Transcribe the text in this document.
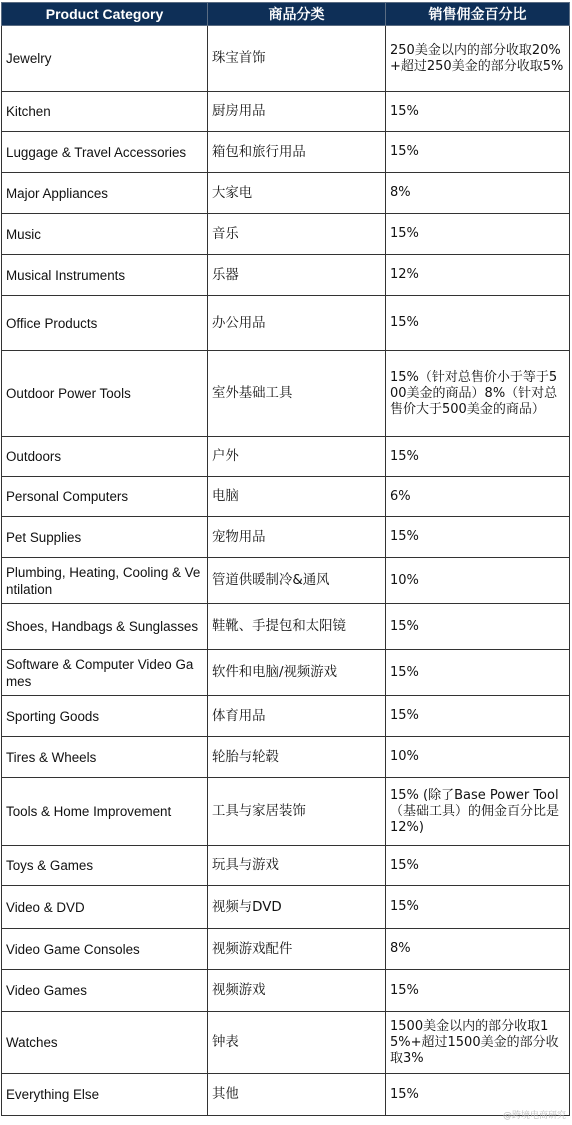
Product Category	商品分类	销售佣金百分比
Jewelry	珠宝首饰	250美金以内的部分收取20%+超过250美金的部分收取5%
Kitchen	厨房用品	15%
Luggage & Travel Accessories	箱包和旅行用品	15%
Major Appliances	大家电	8%
Music	音乐	15%
Musical Instruments	乐器	12%
Office Products	办公用品	15%
Outdoor Power Tools	室外基础工具	15%（针对总售价小于等于500美金的商品）8%（针对总售价大于500美金的商品）
Outdoors	户外	15%
Personal Computers	电脑	6%
Pet Supplies	宠物用品	15%
Plumbing, Heating, Cooling & Ventilation	管道供暖制冷&通风	10%
Shoes, Handbags & Sunglasses	鞋靴、手提包和太阳镜	15%
Software & Computer Video Games	软件和电脑/视频游戏	15%
Sporting Goods	体育用品	15%
Tires & Wheels	轮胎与轮毂	10%
Tools & Home Improvement	工具与家居装饰	15% (除了Base Power Tool（基础工具）的佣金百分比是12%)
Toys & Games	玩具与游戏	15%
Video & DVD	视频与DVD	15%
Video Game Consoles	视频游戏配件	8%
Video Games	视频游戏	15%
Watches	钟表	1500美金以内的部分收取15%+超过1500美金的部分收取3%
Everything Else	其他	15%
@跨境电商研究
